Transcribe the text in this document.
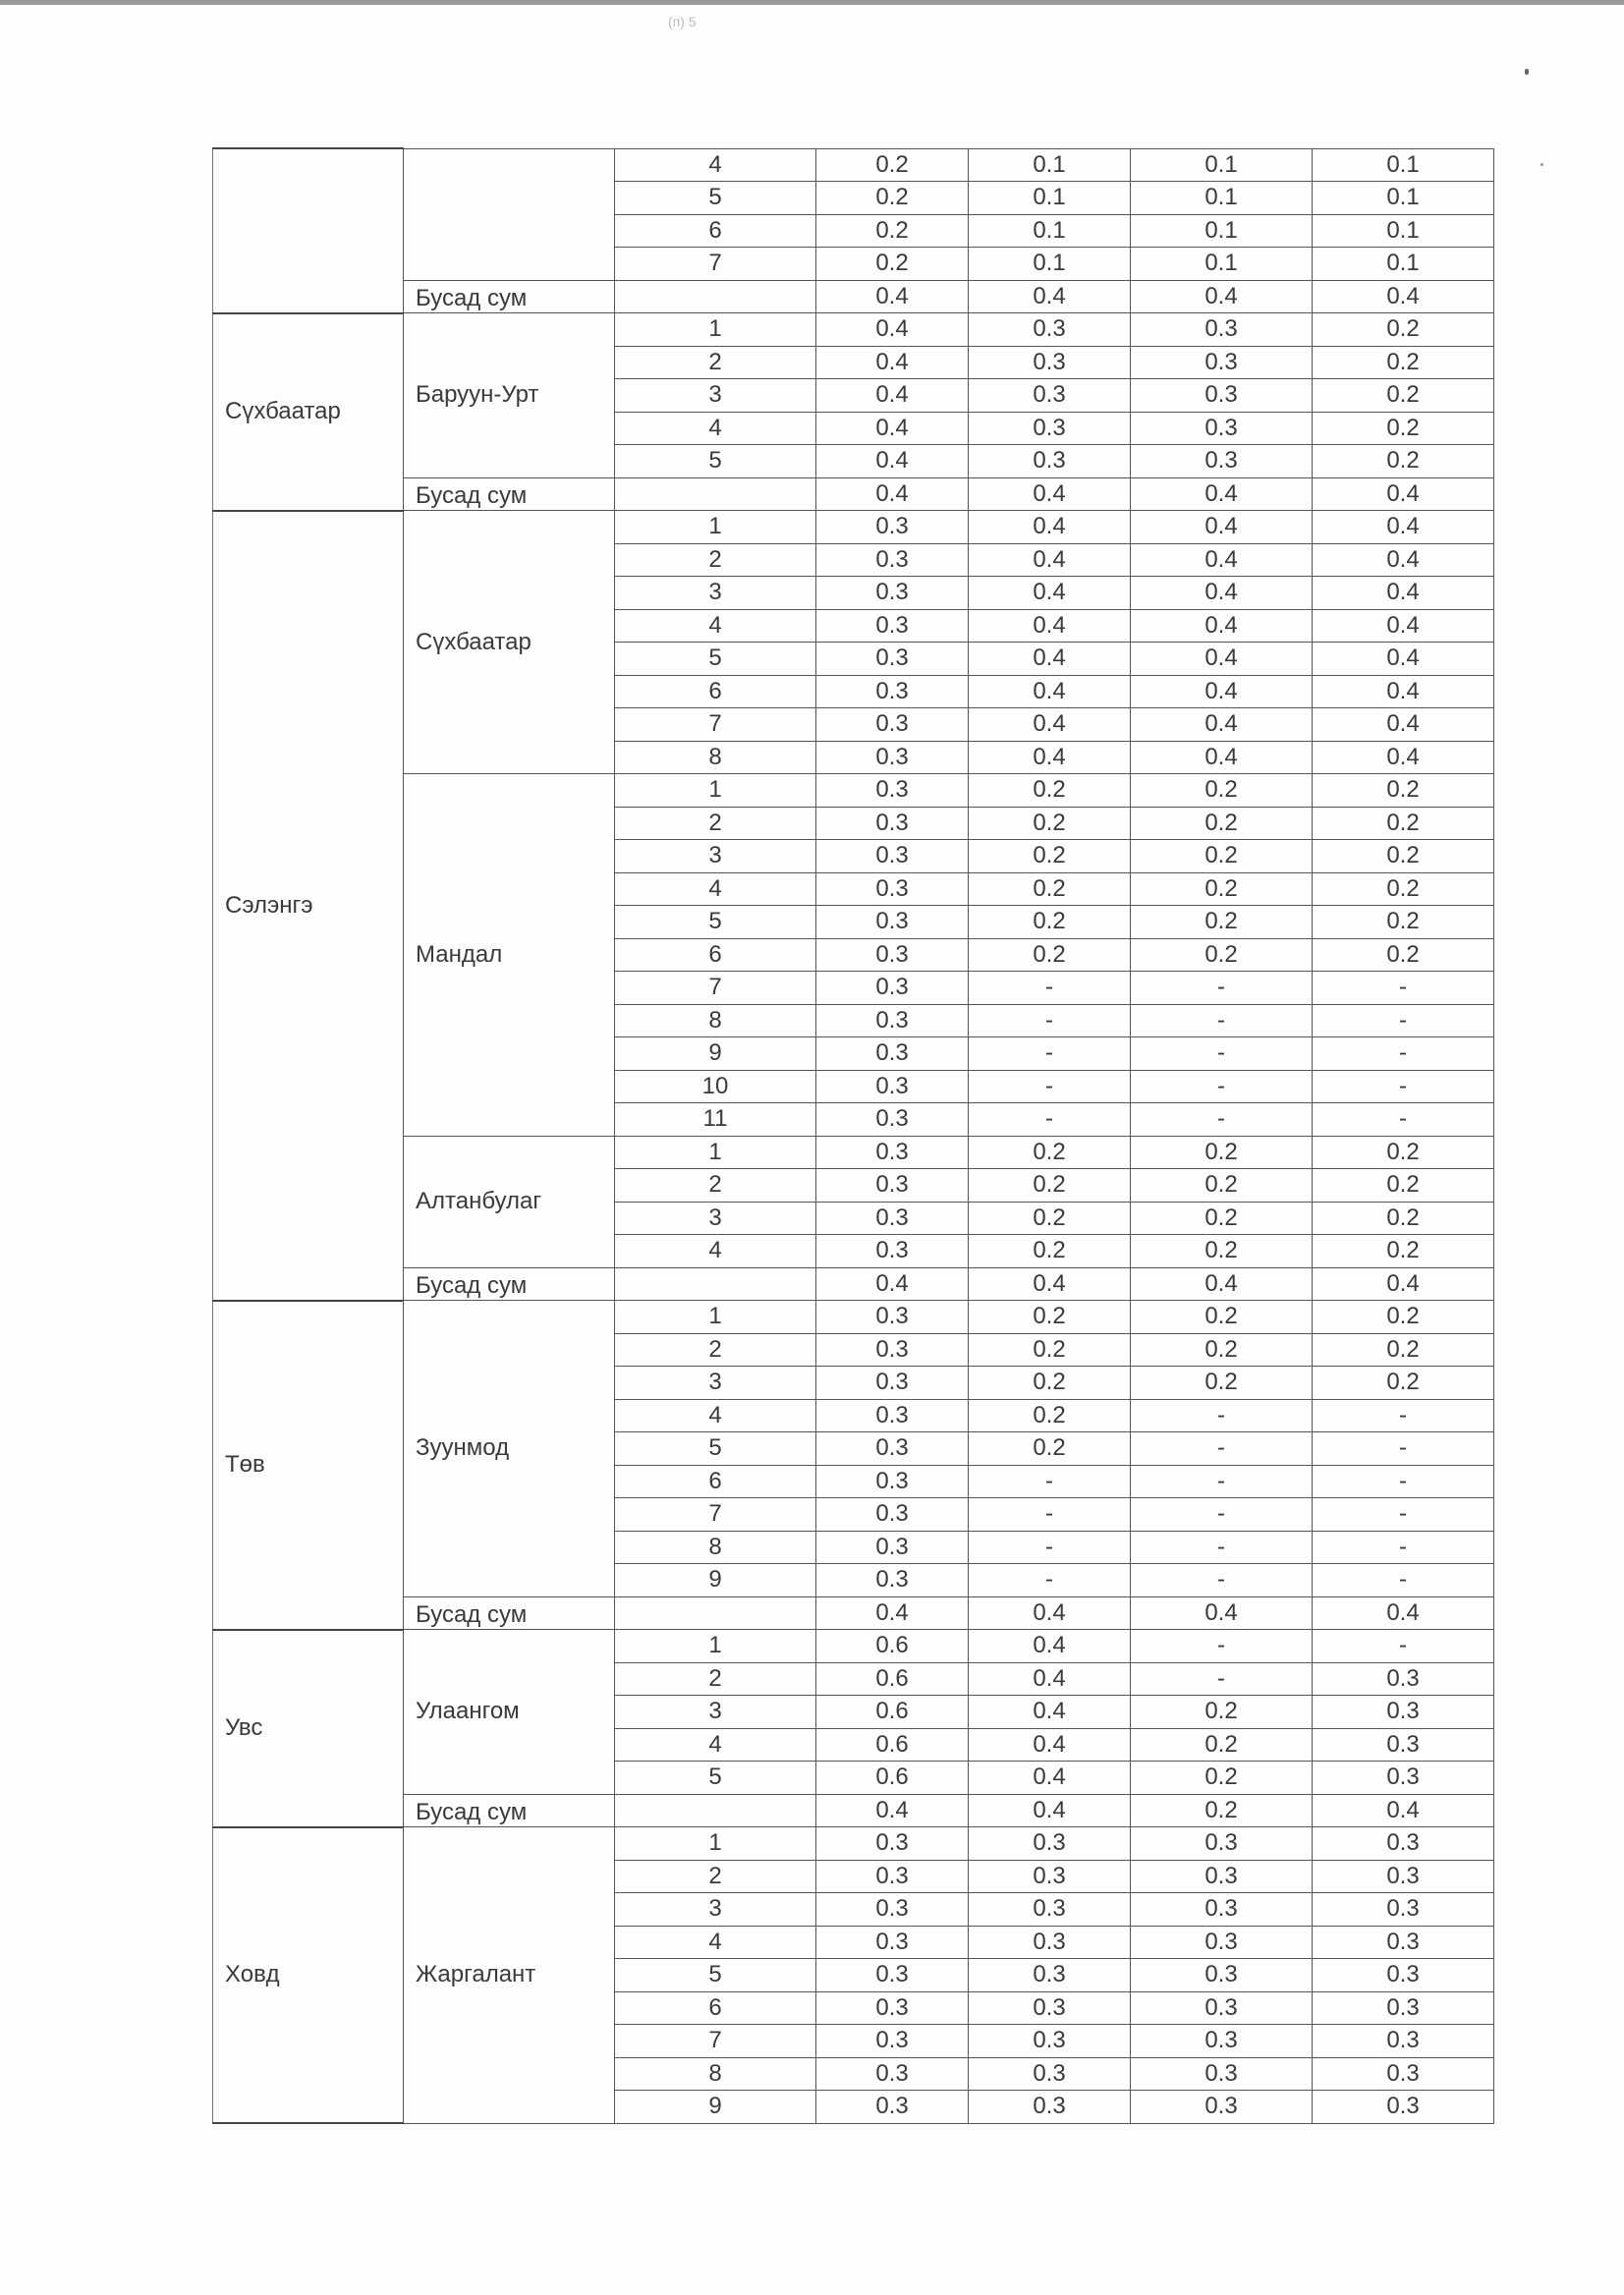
(п) 5
		4	0.2	0.1	0.1	0.1
		5	0.2	0.1	0.1	0.1
		6	0.2	0.1	0.1	0.1
		7	0.2	0.1	0.1	0.1
	Бусад сум		0.4	0.4	0.4	0.4
Сүхбаатар	Баруун-Урт	1	0.4	0.3	0.3	0.2
		2	0.4	0.3	0.3	0.2
		3	0.4	0.3	0.3	0.2
		4	0.4	0.3	0.3	0.2
		5	0.4	0.3	0.3	0.2
	Бусад сум		0.4	0.4	0.4	0.4
Сэлэнгэ	Сүхбаатар	1	0.3	0.4	0.4	0.4
		2	0.3	0.4	0.4	0.4
		3	0.3	0.4	0.4	0.4
		4	0.3	0.4	0.4	0.4
		5	0.3	0.4	0.4	0.4
		6	0.3	0.4	0.4	0.4
		7	0.3	0.4	0.4	0.4
		8	0.3	0.4	0.4	0.4
	Мандал	1	0.3	0.2	0.2	0.2
		2	0.3	0.2	0.2	0.2
		3	0.3	0.2	0.2	0.2
		4	0.3	0.2	0.2	0.2
		5	0.3	0.2	0.2	0.2
		6	0.3	0.2	0.2	0.2
		7	0.3	-	-	-
		8	0.3	-	-	-
		9	0.3	-	-	-
		10	0.3	-	-	-
		11	0.3	-	-	-
	Алтанбулаг	1	0.3	0.2	0.2	0.2
		2	0.3	0.2	0.2	0.2
		3	0.3	0.2	0.2	0.2
		4	0.3	0.2	0.2	0.2
	Бусад сум		0.4	0.4	0.4	0.4
Төв	Зуунмод	1	0.3	0.2	0.2	0.2
		2	0.3	0.2	0.2	0.2
		3	0.3	0.2	0.2	0.2
		4	0.3	0.2	-	-
		5	0.3	0.2	-	-
		6	0.3	-	-	-
		7	0.3	-	-	-
		8	0.3	-	-	-
		9	0.3	-	-	-
	Бусад сум		0.4	0.4	0.4	0.4
Увс	Улаангом	1	0.6	0.4	-	-
		2	0.6	0.4	-	0.3
		3	0.6	0.4	0.2	0.3
		4	0.6	0.4	0.2	0.3
		5	0.6	0.4	0.2	0.3
	Бусад сум		0.4	0.4	0.2	0.4
Ховд	Жаргалант	1	0.3	0.3	0.3	0.3
		2	0.3	0.3	0.3	0.3
		3	0.3	0.3	0.3	0.3
		4	0.3	0.3	0.3	0.3
		5	0.3	0.3	0.3	0.3
		6	0.3	0.3	0.3	0.3
		7	0.3	0.3	0.3	0.3
		8	0.3	0.3	0.3	0.3
		9	0.3	0.3	0.3	0.3
